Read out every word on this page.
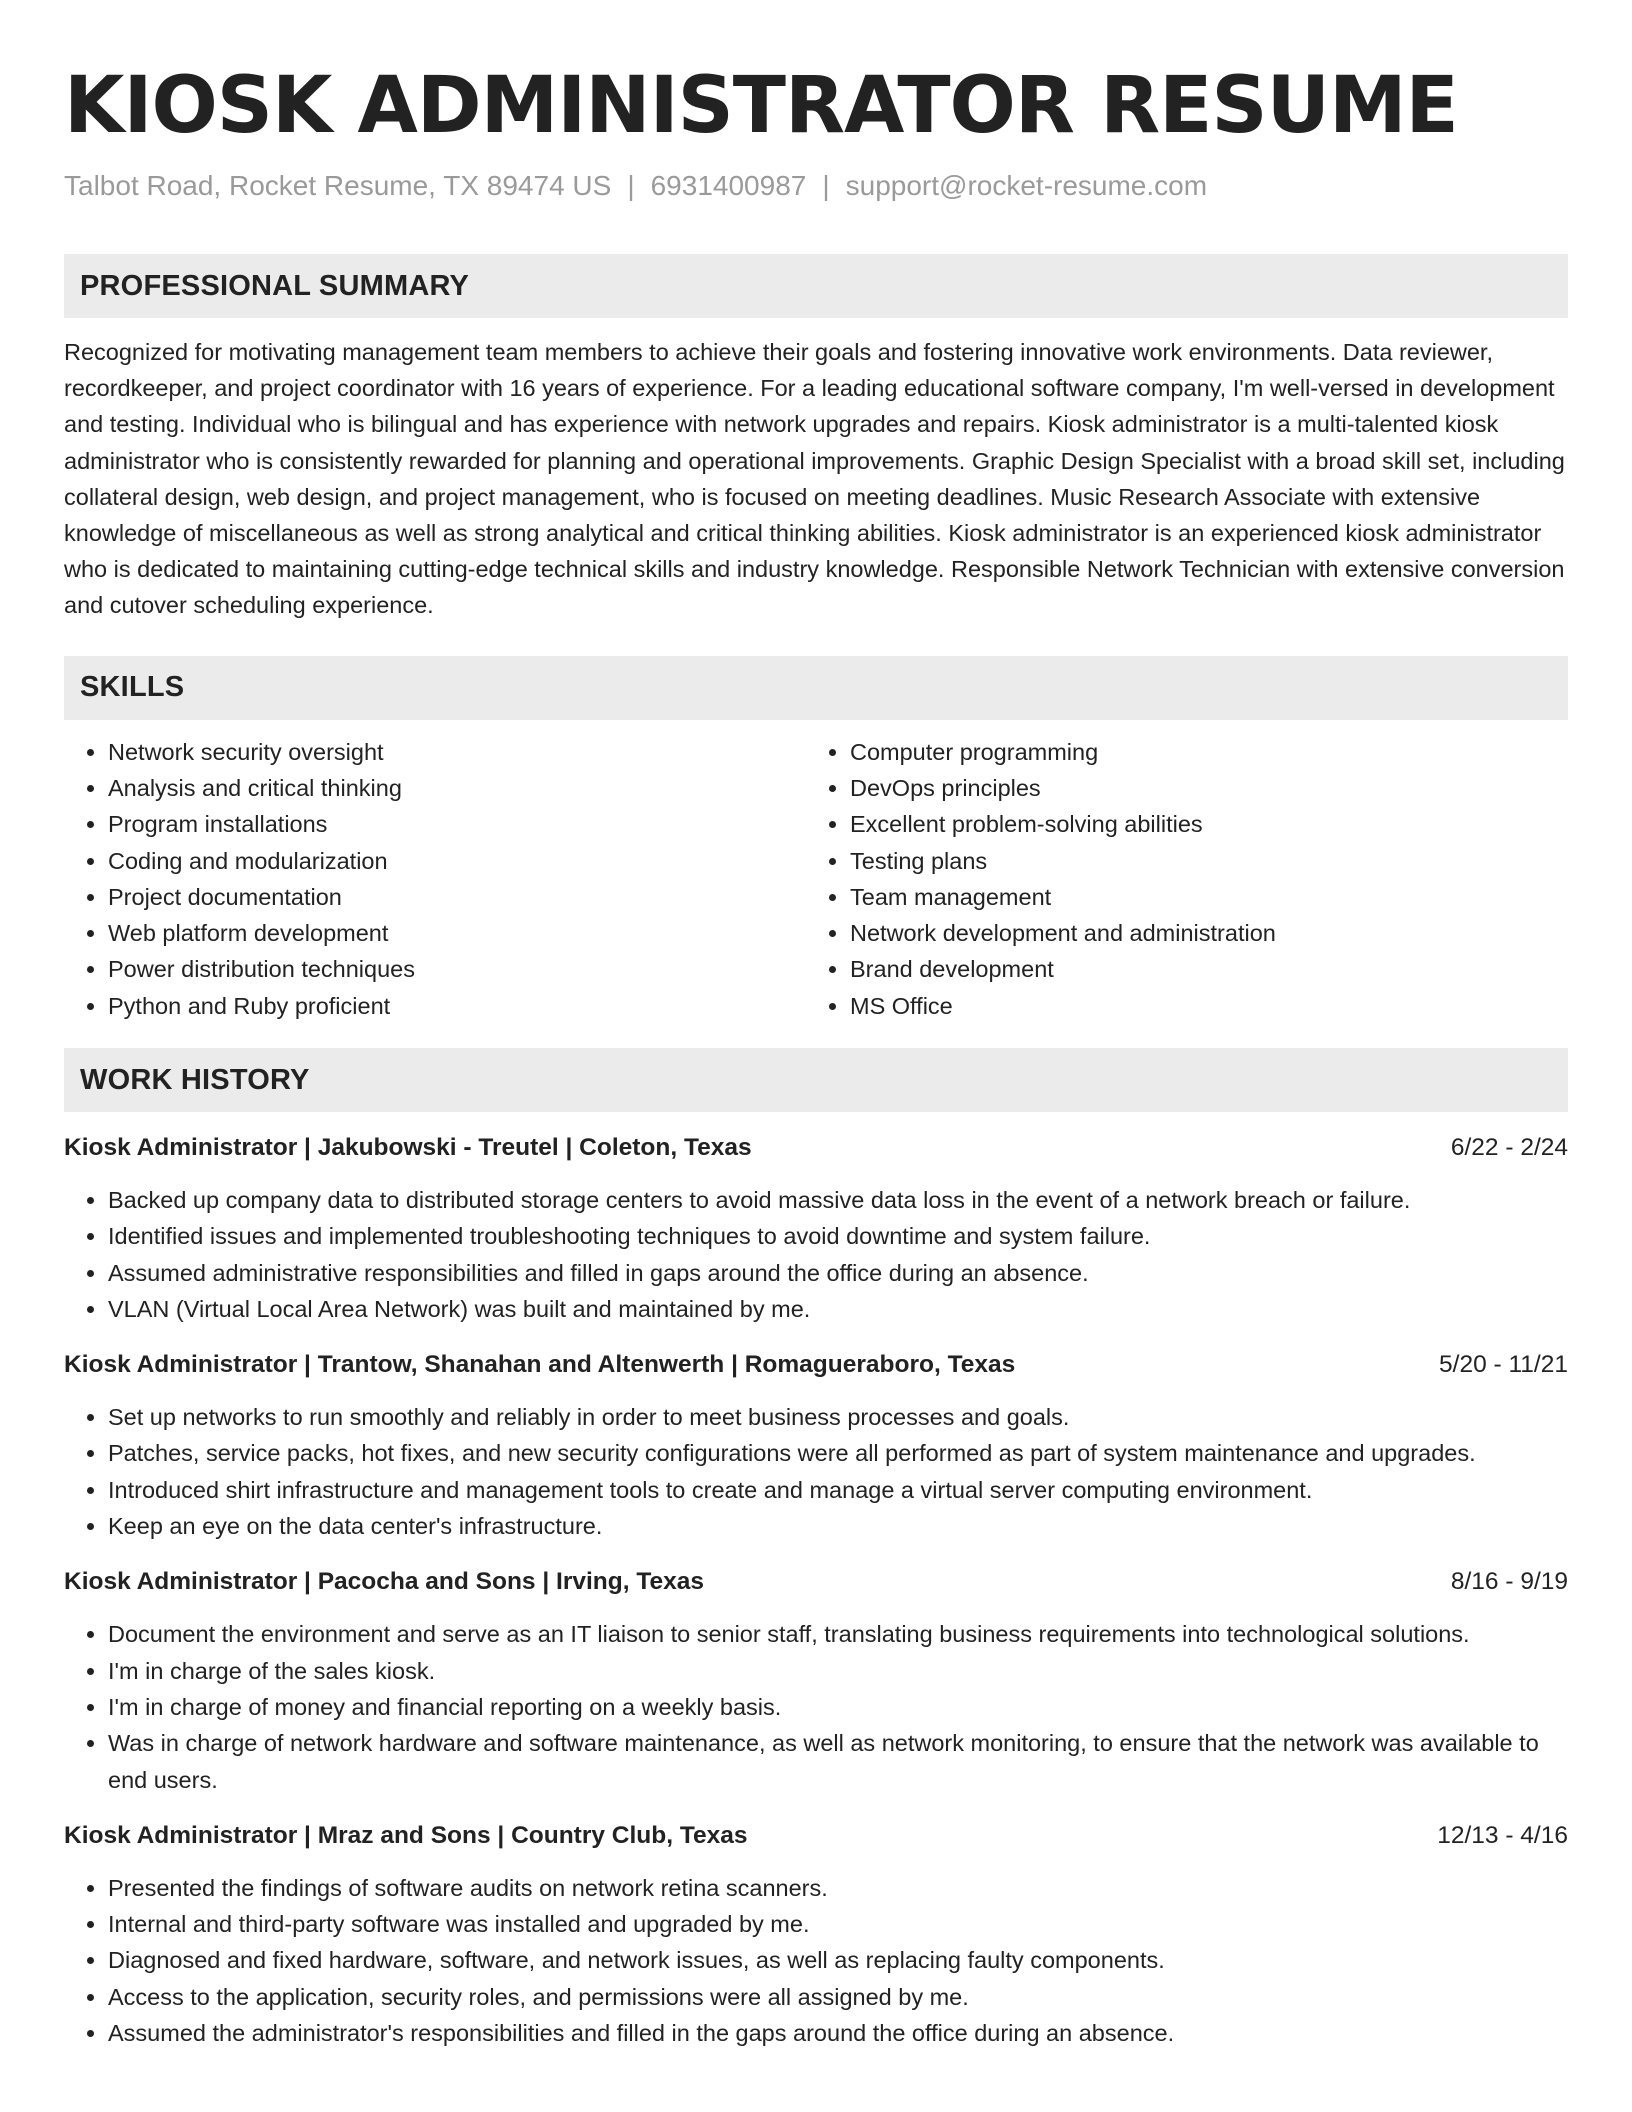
KIOSK ADMINISTRATOR RESUME
Talbot Road, Rocket Resume, TX 89474 US | 6931400987 | support@rocket-resume.com
PROFESSIONAL SUMMARY

Recognized for motivating management team members to achieve their goals and fostering innovative work environments. Data reviewer, recordkeeper, and project coordinator with 16 years of experience. For a leading educational software company, I'm well-versed in development and testing. Individual who is bilingual and has experience with network upgrades and repairs. Kiosk administrator is a multi-talented kiosk administrator who is consistently rewarded for planning and operational improvements. Graphic Design Specialist with a broad skill set, including collateral design, web design, and project management, who is focused on meeting deadlines. Music Research Associate with extensive knowledge of miscellaneous as well as strong analytical and critical thinking abilities. Kiosk administrator is an experienced kiosk administrator who is dedicated to maintaining cutting-edge technical skills and industry knowledge. Responsible Network Technician with extensive conversion and cutover scheduling experience.

SKILLS
• Network security oversight
• Analysis and critical thinking
• Program installations
• Coding and modularization
• Project documentation
• Web platform development
• Power distribution techniques
• Python and Ruby proficient
• Computer programming
• DevOps principles
• Excellent problem-solving abilities
• Testing plans
• Team management
• Network development and administration
• Brand development
• MS Office
WORK HISTORY
Kiosk Administrator | Jakubowski - Treutel | Coleton, Texas	6/22 - 2/24
• Backed up company data to distributed storage centers to avoid massive data loss in the event of a network breach or failure.
• Identified issues and implemented troubleshooting techniques to avoid downtime and system failure.
• Assumed administrative responsibilities and filled in gaps around the office during an absence.
• VLAN (Virtual Local Area Network) was built and maintained by me.
Kiosk Administrator | Trantow, Shanahan and Altenwerth | Romagueraboro, Texas	5/20 - 11/21
• Set up networks to run smoothly and reliably in order to meet business processes and goals.
• Patches, service packs, hot fixes, and new security configurations were all performed as part of system maintenance and upgrades.
• Introduced shirt infrastructure and management tools to create and manage a virtual server computing environment.
• Keep an eye on the data center's infrastructure.
Kiosk Administrator | Pacocha and Sons | Irving, Texas	8/16 - 9/19
• Document the environment and serve as an IT liaison to senior staff, translating business requirements into technological solutions.
• I'm in charge of the sales kiosk.
• I'm in charge of money and financial reporting on a weekly basis.
• Was in charge of network hardware and software maintenance, as well as network monitoring, to ensure that the network was available to end users.
Kiosk Administrator | Mraz and Sons | Country Club, Texas	12/13 - 4/16
• Presented the findings of software audits on network retina scanners.
• Internal and third-party software was installed and upgraded by me.
• Diagnosed and fixed hardware, software, and network issues, as well as replacing faulty components.
• Access to the application, security roles, and permissions were all assigned by me.
• Assumed the administrator's responsibilities and filled in the gaps around the office during an absence.
